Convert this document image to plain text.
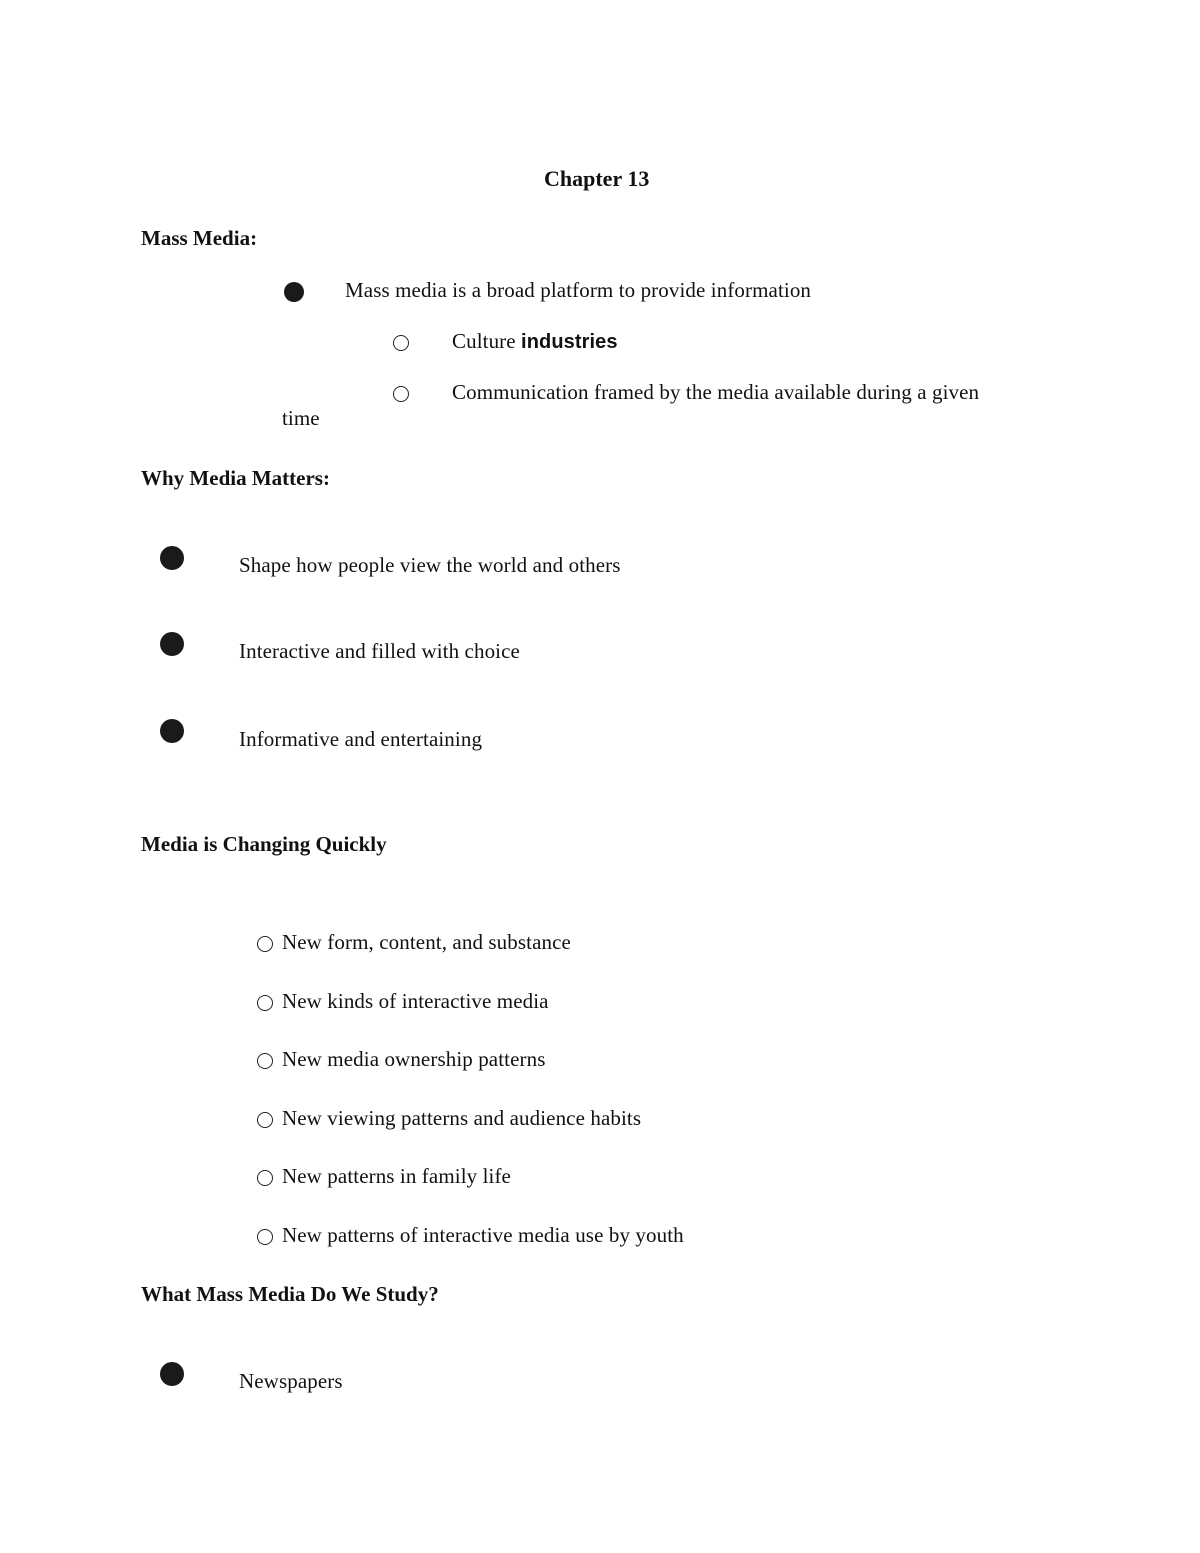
Chapter 13
Mass Media:
Mass media is a broad platform to provide information
Culture industries
Communication framed by the media available during a given
time
Why Media Matters:
Shape how people view the world and others
Interactive and filled with choice
Informative and entertaining
Media is Changing Quickly
New form, content, and substance
New kinds of interactive media
New media ownership patterns
New viewing patterns and audience habits
New patterns in family life
New patterns of interactive media use by youth
What Mass Media Do We Study?
Newspapers
